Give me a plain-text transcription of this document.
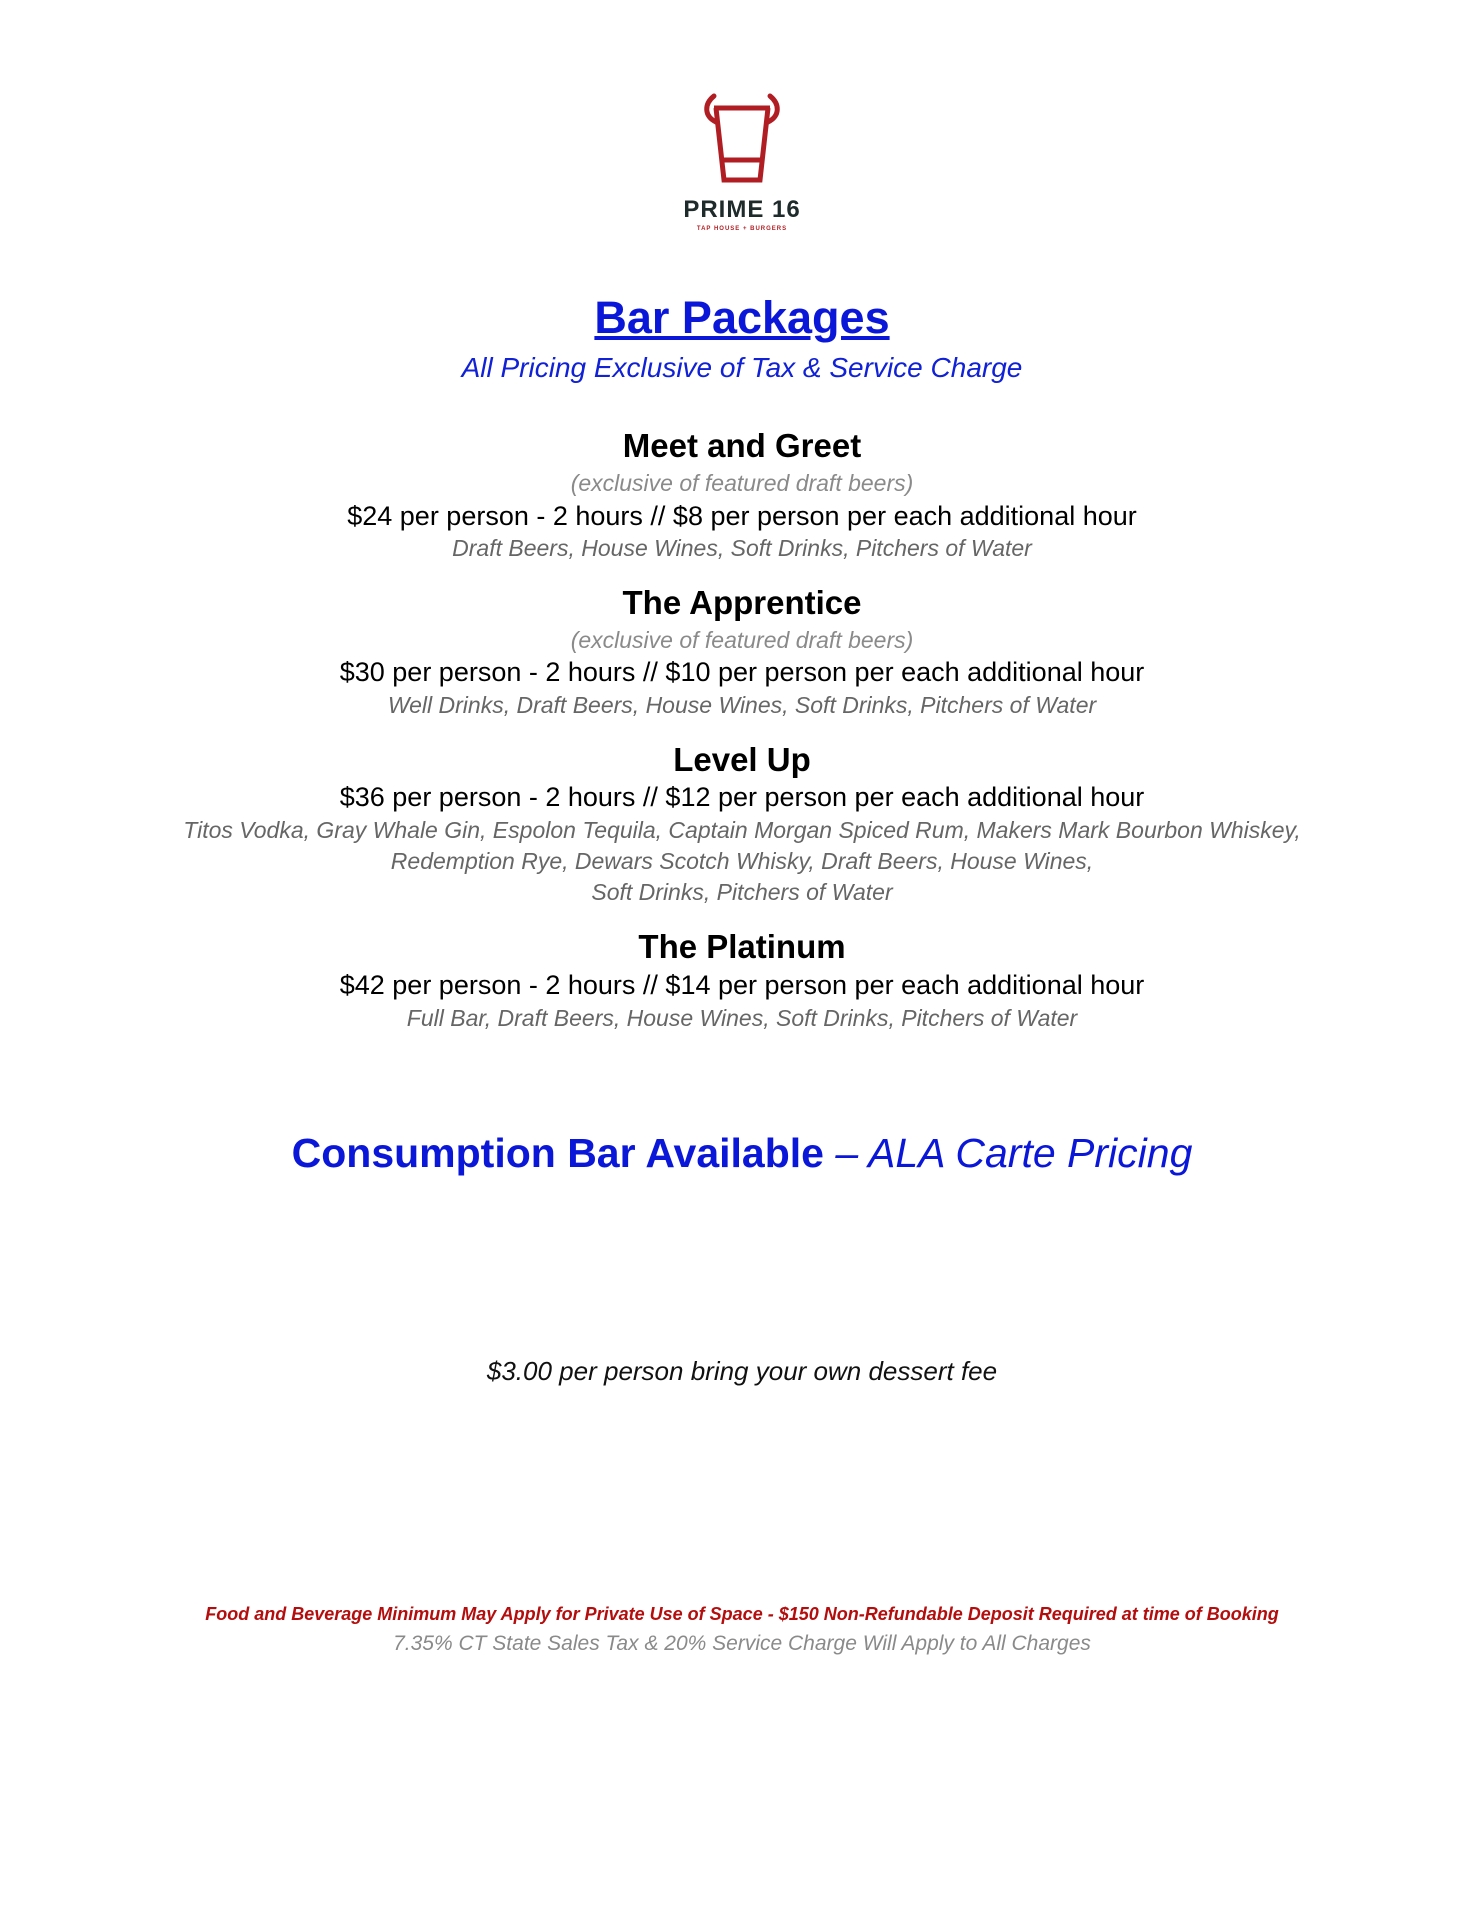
PRIME 16
TAP HOUSE + BURGERS
Bar Packages
All Pricing Exclusive of Tax & Service Charge
Meet and Greet
(exclusive of featured draft beers)
$24 per person - 2 hours // $8 per person per each additional hour
Draft Beers, House Wines, Soft Drinks, Pitchers of Water
The Apprentice
(exclusive of featured draft beers)
$30 per person - 2 hours // $10 per person per each additional hour
Well Drinks, Draft Beers, House Wines, Soft Drinks, Pitchers of Water
Level Up
$36 per person - 2 hours // $12 per person per each additional hour
Titos Vodka, Gray Whale Gin, Espolon Tequila, Captain Morgan Spiced Rum, Makers Mark Bourbon Whiskey,
Redemption Rye, Dewars Scotch Whisky, Draft Beers, House Wines,
Soft Drinks, Pitchers of Water
The Platinum
$42 per person - 2 hours // $14 per person per each additional hour
Full Bar, Draft Beers, House Wines, Soft Drinks, Pitchers of Water
Consumption Bar Available – ALA Carte Pricing
$3.00 per person bring your own dessert fee
Food and Beverage Minimum May Apply for Private Use of Space - $150 Non-Refundable Deposit Required at time of Booking
7.35% CT State Sales Tax & 20% Service Charge Will Apply to All Charges
